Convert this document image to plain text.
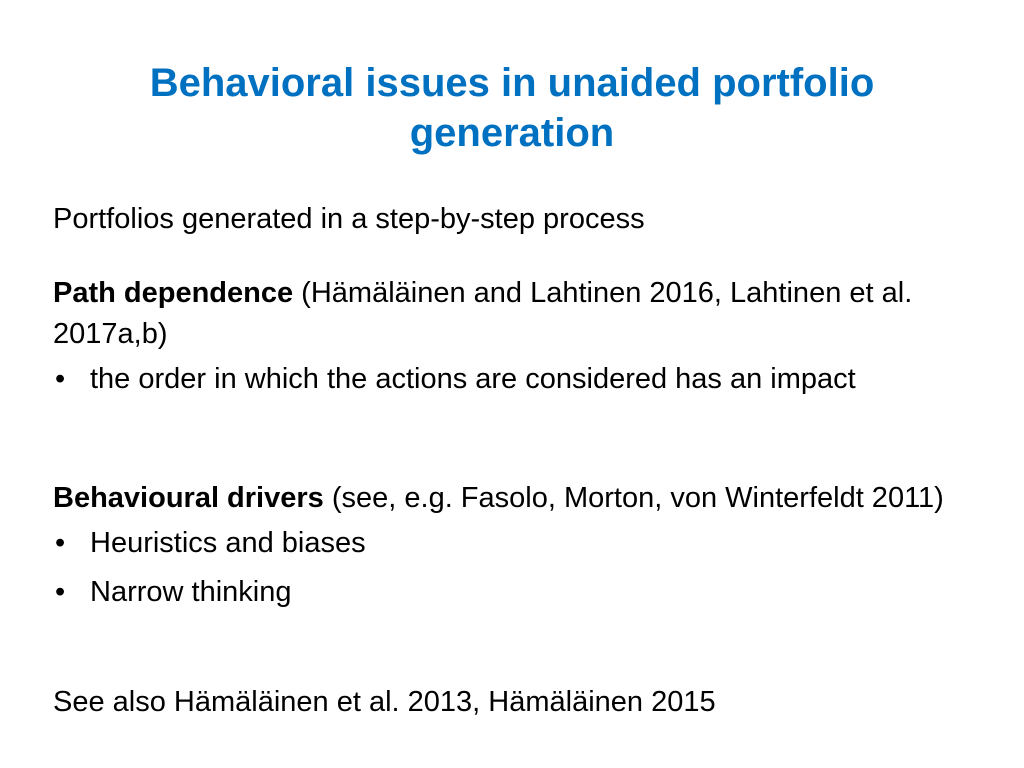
Behavioral issues in unaided portfolio generation
Portfolios generated in a step-by-step process
Path dependence (Hämäläinen and Lahtinen 2016, Lahtinen et al. 2017a,b)
• the order in which the actions are considered has an impact
Behavioural drivers (see, e.g. Fasolo, Morton, von Winterfeldt 2011)
• Heuristics and biases
• Narrow thinking
See also Hämäläinen et al. 2013, Hämäläinen 2015
